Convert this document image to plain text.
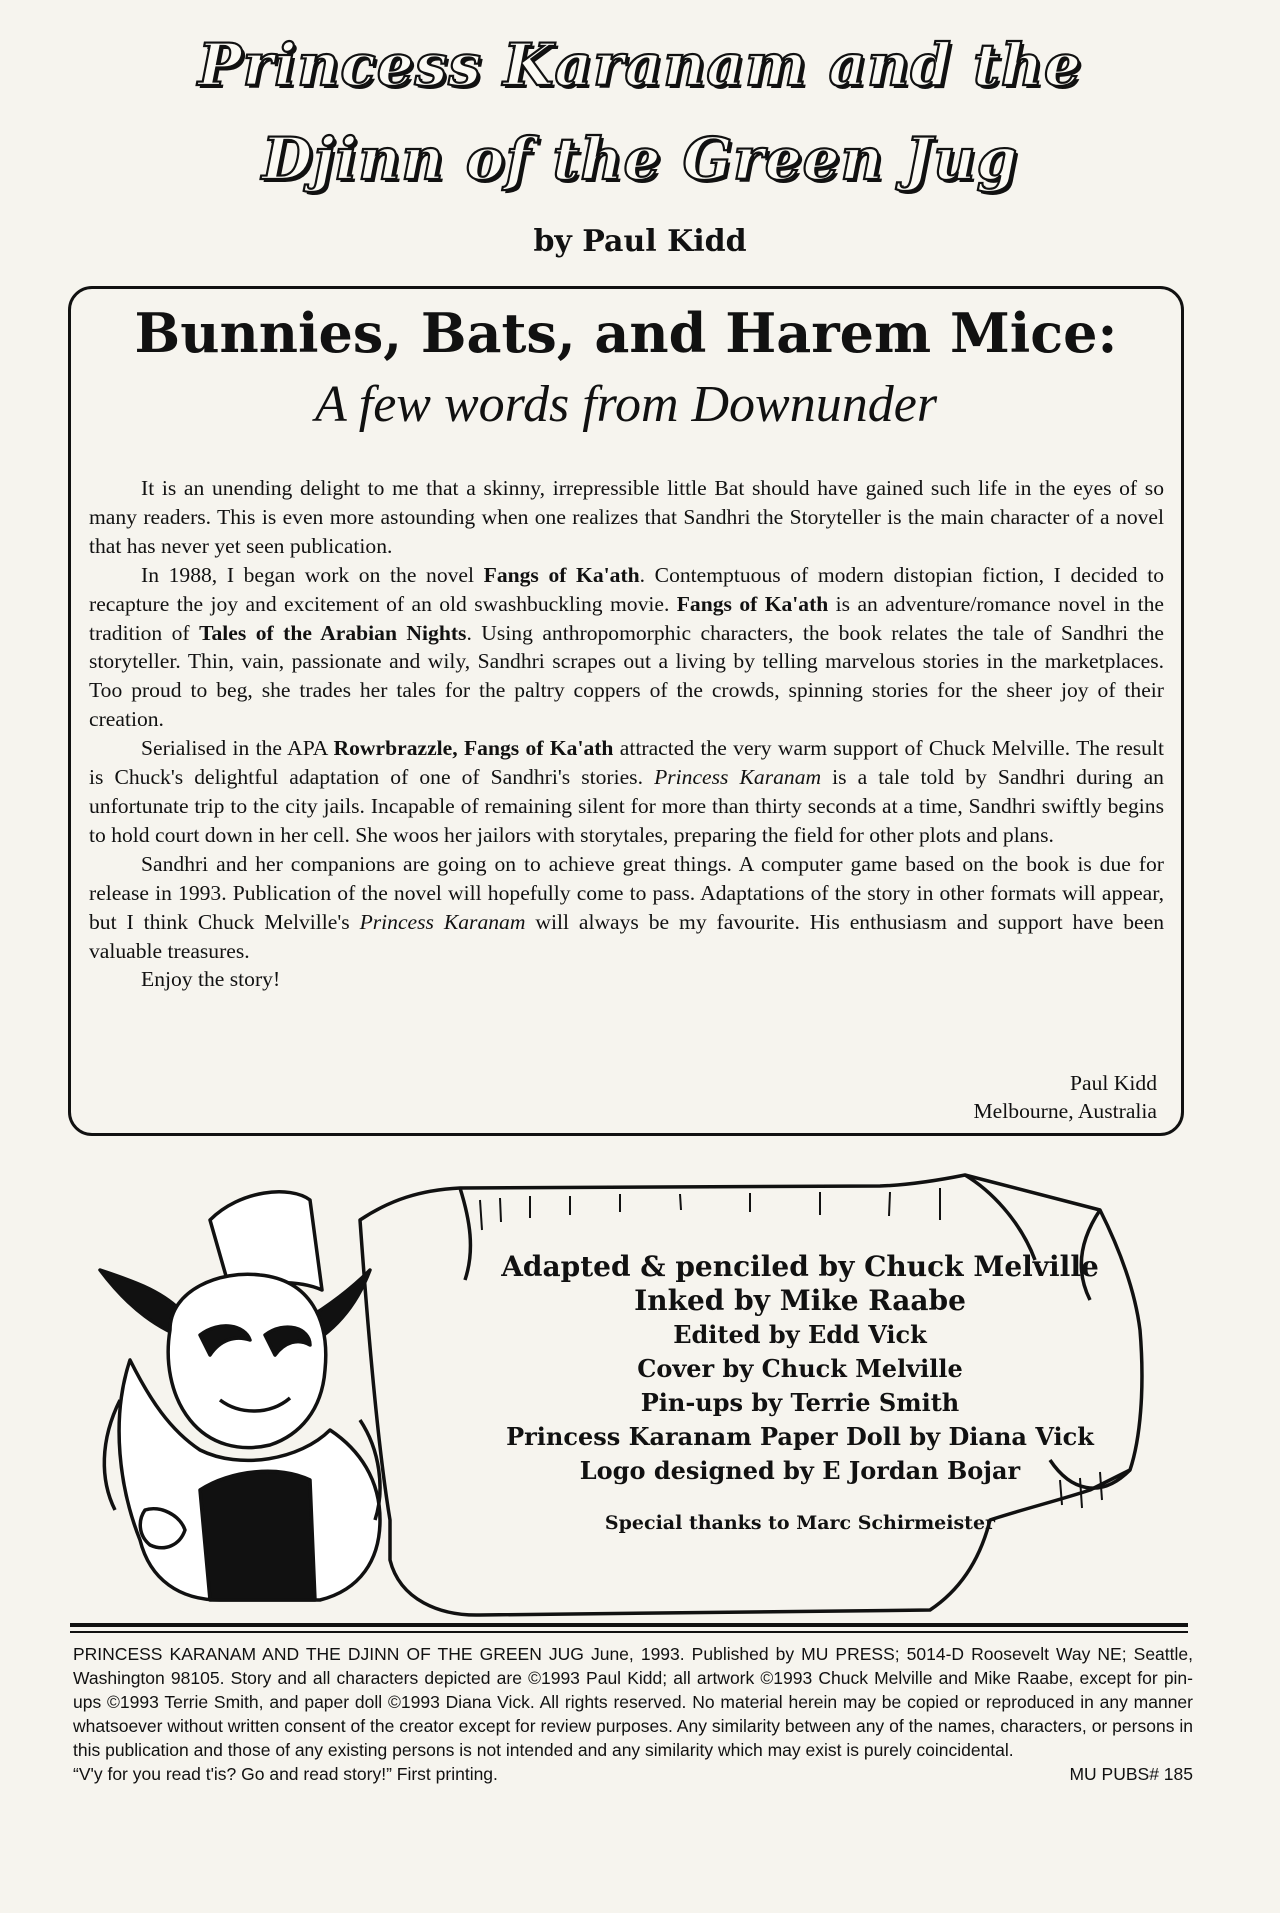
Princess Karanam and the
Djinn of the Green Jug
by Paul Kidd
Bunnies, Bats, and Harem Mice:
A few words from Downunder

It is an unending delight to me that a skinny, irrepressible little Bat should have gained such life in the eyes of so many readers. This is even more astounding when one realizes that Sandhri the Storyteller is the main character of a novel that has never yet seen publication.

In 1988, I began work on the novel Fangs of Ka'ath. Contemptuous of modern distopian fiction, I decided to recapture the joy and excitement of an old swashbuckling movie. Fangs of Ka'ath is an adventure/romance novel in the tradition of Tales of the Arabian Nights. Using anthropomorphic characters, the book relates the tale of Sandhri the storyteller. Thin, vain, passionate and wily, Sandhri scrapes out a living by telling marvelous stories in the marketplaces. Too proud to beg, she trades her tales for the paltry coppers of the crowds, spinning stories for the sheer joy of their creation.

Serialised in the APA Rowrbrazzle, Fangs of Ka'ath attracted the very warm support of Chuck Melville. The result is Chuck's delightful adaptation of one of Sandhri's stories. Princess Karanam is a tale told by Sandhri during an unfortunate trip to the city jails. Incapable of remaining silent for more than thirty seconds at a time, Sandhri swiftly begins to hold court down in her cell. She woos her jailors with storytales, preparing the field for other plots and plans.

Sandhri and her companions are going on to achieve great things. A computer game based on the book is due for release in 1993. Publication of the novel will hopefully come to pass. Adaptations of the story in other formats will appear, but I think Chuck Melville's Princess Karanam will always be my favourite. His enthusiasm and support have been valuable treasures.

Enjoy the story!

Paul Kidd
Melbourne, Australia
Adapted & penciled by Chuck Melville
Inked by Mike Raabe
Edited by Edd Vick
Cover by Chuck Melville
Pin-ups by Terrie Smith
Princess Karanam Paper Doll by Diana Vick
Logo designed by E Jordan Bojar
Special thanks to Marc Schirmeister
PRINCESS KARANAM AND THE DJINN OF THE GREEN JUG June, 1993. Published by MU PRESS; 5014-D Roosevelt Way NE; Seattle, Washington 98105. Story and all characters depicted are ©1993 Paul Kidd; all artwork ©1993 Chuck Melville and Mike Raabe, except for pin-ups ©1993 Terrie Smith, and paper doll ©1993 Diana Vick. All rights reserved. No material herein may be copied or reproduced in any manner whatsoever without written consent of the creator except for review purposes. Any similarity between any of the names, characters, or persons in this publication and those of any existing persons is not intended and any similarity which may exist is purely coincidental.
“V'y for you read t'is? Go and read story!” First printing.	MU PUBS# 185
